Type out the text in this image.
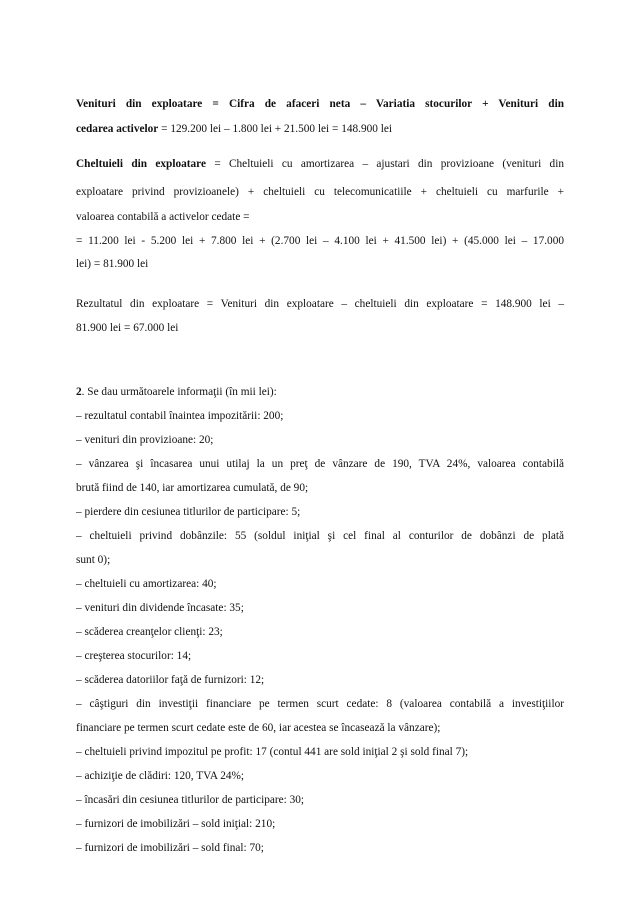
Venituri din exploatare = Cifra de afaceri neta – Variatia stocurilor + Venituri din
cedarea activelor = 129.200 lei – 1.800 lei + 21.500 lei = 148.900 lei
Cheltuieli din exploatare = Cheltuieli cu amortizarea – ajustari din provizioane (venituri din
exploatare privind provizioanele) + cheltuieli cu telecomunicatiile + cheltuieli cu marfurile +
valoarea contabilă a activelor cedate =
= 11.200 lei - 5.200 lei + 7.800 lei + (2.700 lei – 4.100 lei + 41.500 lei) + (45.000 lei – 17.000
lei) = 81.900 lei
Rezultatul din exploatare = Venituri din exploatare – cheltuieli din exploatare = 148.900 lei –
81.900 lei = 67.000 lei
2. Se dau următoarele informaţii (în mii lei):
– rezultatul contabil înaintea impozitării: 200;
– venituri din provizioane: 20;
– vânzarea şi încasarea unui utilaj la un preţ de vânzare de 190, TVA 24%, valoarea contabilă
brută fiind de 140, iar amortizarea cumulată, de 90;
– pierdere din cesiunea titlurilor de participare: 5;
– cheltuieli privind dobânzile: 55 (soldul iniţial şi cel final al conturilor de dobânzi de plată
sunt 0);
– cheltuieli cu amortizarea: 40;
– venituri din dividende încasate: 35;
– scăderea creanţelor clienţi: 23;
– creşterea stocurilor: 14;
– scăderea datoriilor faţă de furnizori: 12;
– câştiguri din investiţii financiare pe termen scurt cedate: 8 (valoarea contabilă a investiţiilor
financiare pe termen scurt cedate este de 60, iar acestea se încasează la vânzare);
– cheltuieli privind impozitul pe profit: 17 (contul 441 are sold iniţial 2 şi sold final 7);
– achiziţie de clădiri: 120, TVA 24%;
– încasări din cesiunea titlurilor de participare: 30;
– furnizori de imobilizări – sold iniţial: 210;
– furnizori de imobilizări – sold final: 70;
